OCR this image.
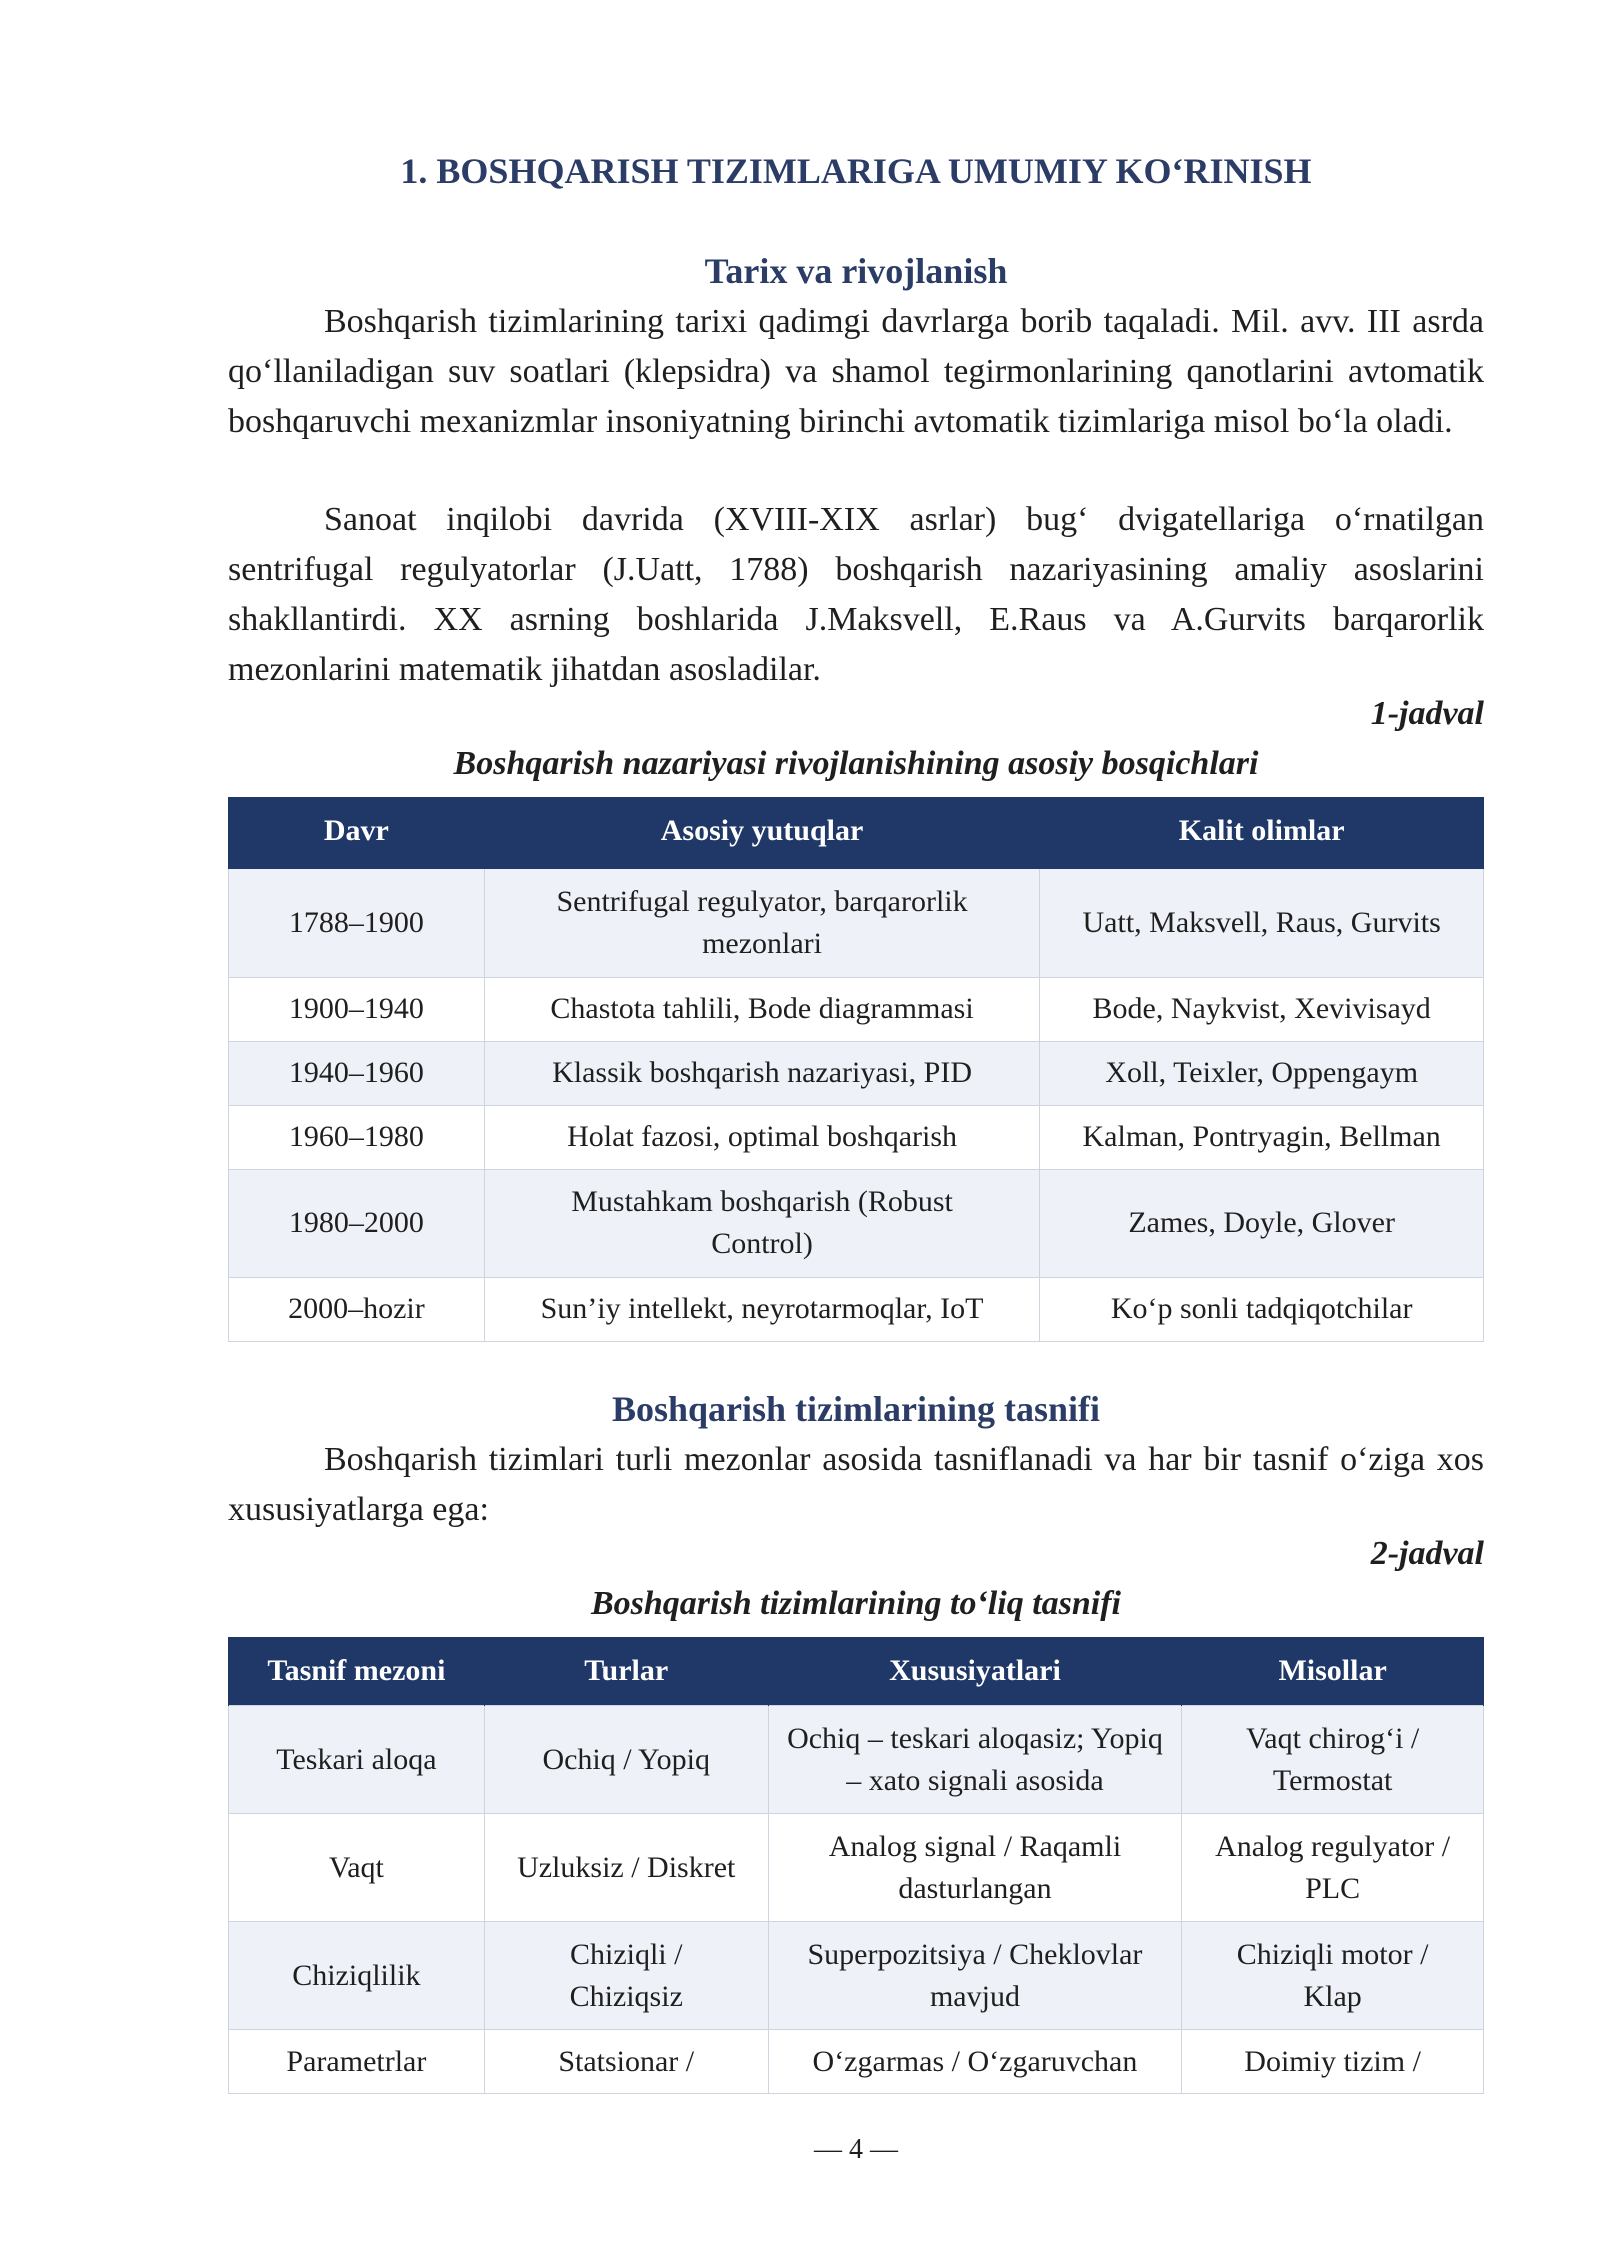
1. BOSHQARISH TIZIMLARIGA UMUMIY KO‘RINISH
Tarix va rivojlanish

Boshqarish tizimlarining tarixi qadimgi davrlarga borib taqaladi. Mil. avv. III asrda qo‘llaniladigan suv soatlari (klepsidra) va shamol tegirmonlarining qanotlarini avtomatik boshqaruvchi mexanizmlar insoniyatning birinchi avtomatik tizimlariga misol bo‘la oladi.

Sanoat inqilobi davrida (XVIII-XIX asrlar) bug‘ dvigatellariga o‘rnatilgan sentrifugal regulyatorlar (J.Uatt, 1788) boshqarish nazariyasining amaliy asoslarini shakllantirdi. XX asrning boshlarida J.Maksvell, E.Raus va A.Gurvits barqarorlik mezonlarini matematik jihatdan asosladilar.

1-jadval
Boshqarish nazariyasi rivojlanishining asosiy bosqichlari
Davr	Asosiy yutuqlar	Kalit olimlar
1788–1900	Sentrifugal regulyator, barqarorlik mezonlari	Uatt, Maksvell, Raus, Gurvits
1900–1940	Chastota tahlili, Bode diagrammasi	Bode, Naykvist, Xevivisayd
1940–1960	Klassik boshqarish nazariyasi, PID	Xoll, Teixler, Oppengaym
1960–1980	Holat fazosi, optimal boshqarish	Kalman, Pontryagin, Bellman
1980–2000	Mustahkam boshqarish (Robust Control)	Zames, Doyle, Glover
2000–hozir	Sun’iy intellekt, neyrotarmoqlar, IoT	Ko‘p sonli tadqiqotchilar
Boshqarish tizimlarining tasnifi

Boshqarish tizimlari turli mezonlar asosida tasniflanadi va har bir tasnif o‘ziga xos xususiyatlarga ega:

2-jadval
Boshqarish tizimlarining to‘liq tasnifi
Tasnif mezoni	Turlar	Xususiyatlari	Misollar
Teskari aloqa	Ochiq / Yopiq	Ochiq – teskari aloqasiz; Yopiq – xato signali asosida	Vaqt chirog‘i / Termostat
Vaqt	Uzluksiz / Diskret	Analog signal / Raqamli dasturlangan	Analog regulyator / PLC
Chiziqlilik	Chiziqli / Chiziqsiz	Superpozitsiya / Cheklovlar mavjud	Chiziqli motor / Klap
Parametrlar	Statsionar /	O‘zgarmas / O‘zgaruvchan	Doimiy tizim /
— 4 —
